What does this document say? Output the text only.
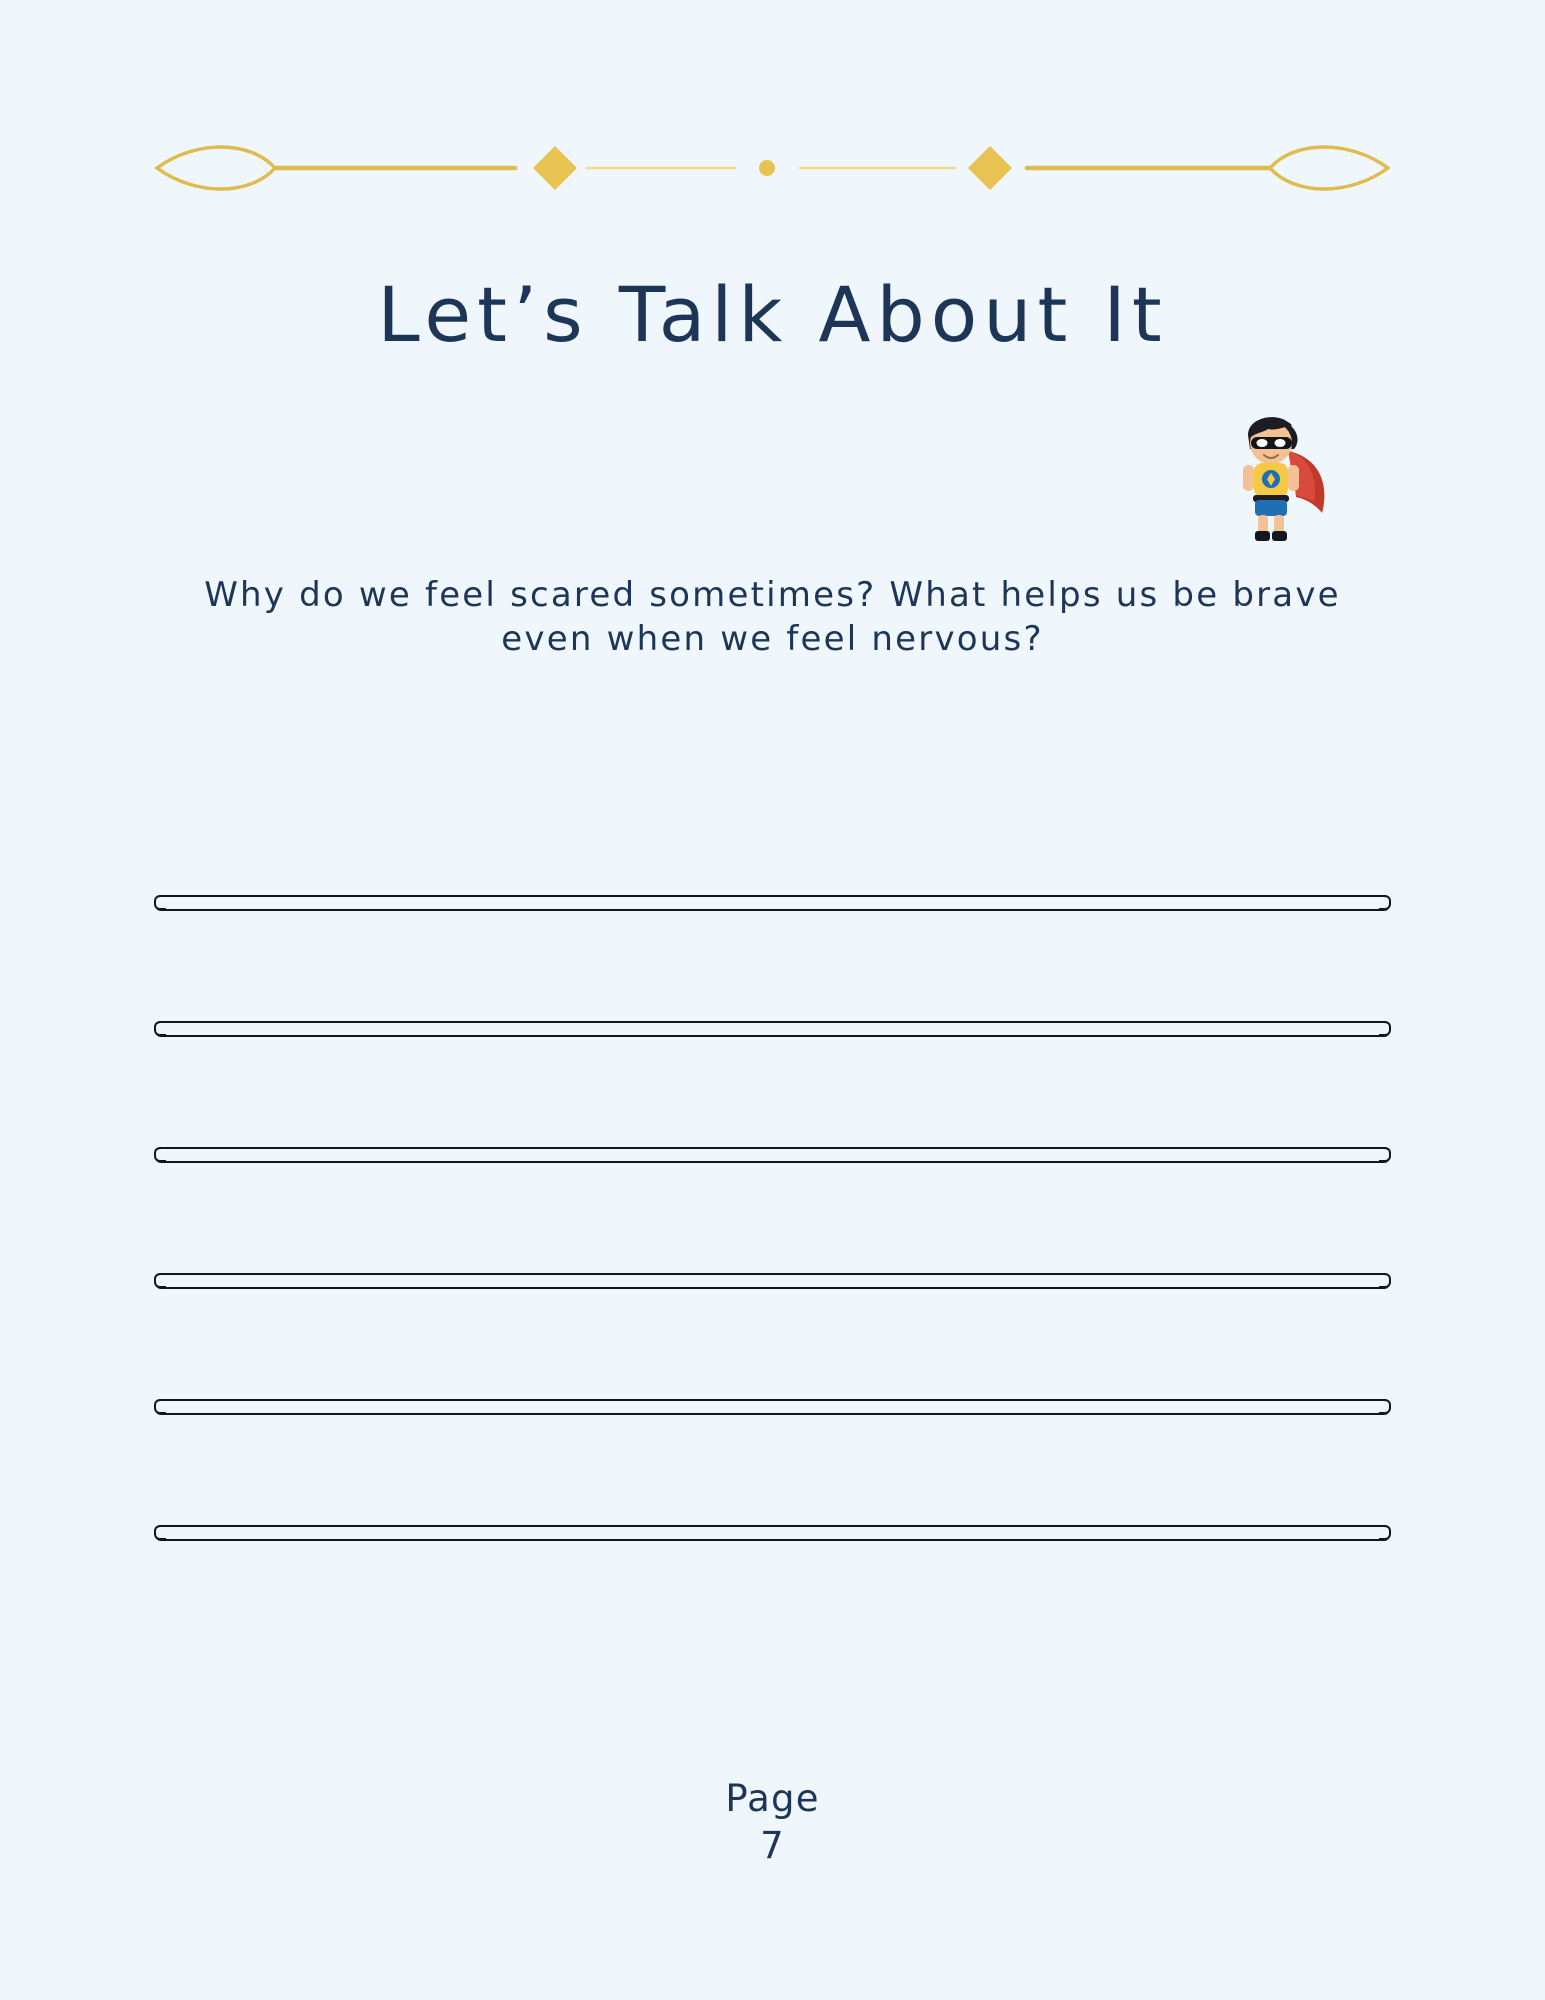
Let’s Talk About It
Why do we feel scared sometimes? What helps us be brave even when we feel nervous?
Page
7
